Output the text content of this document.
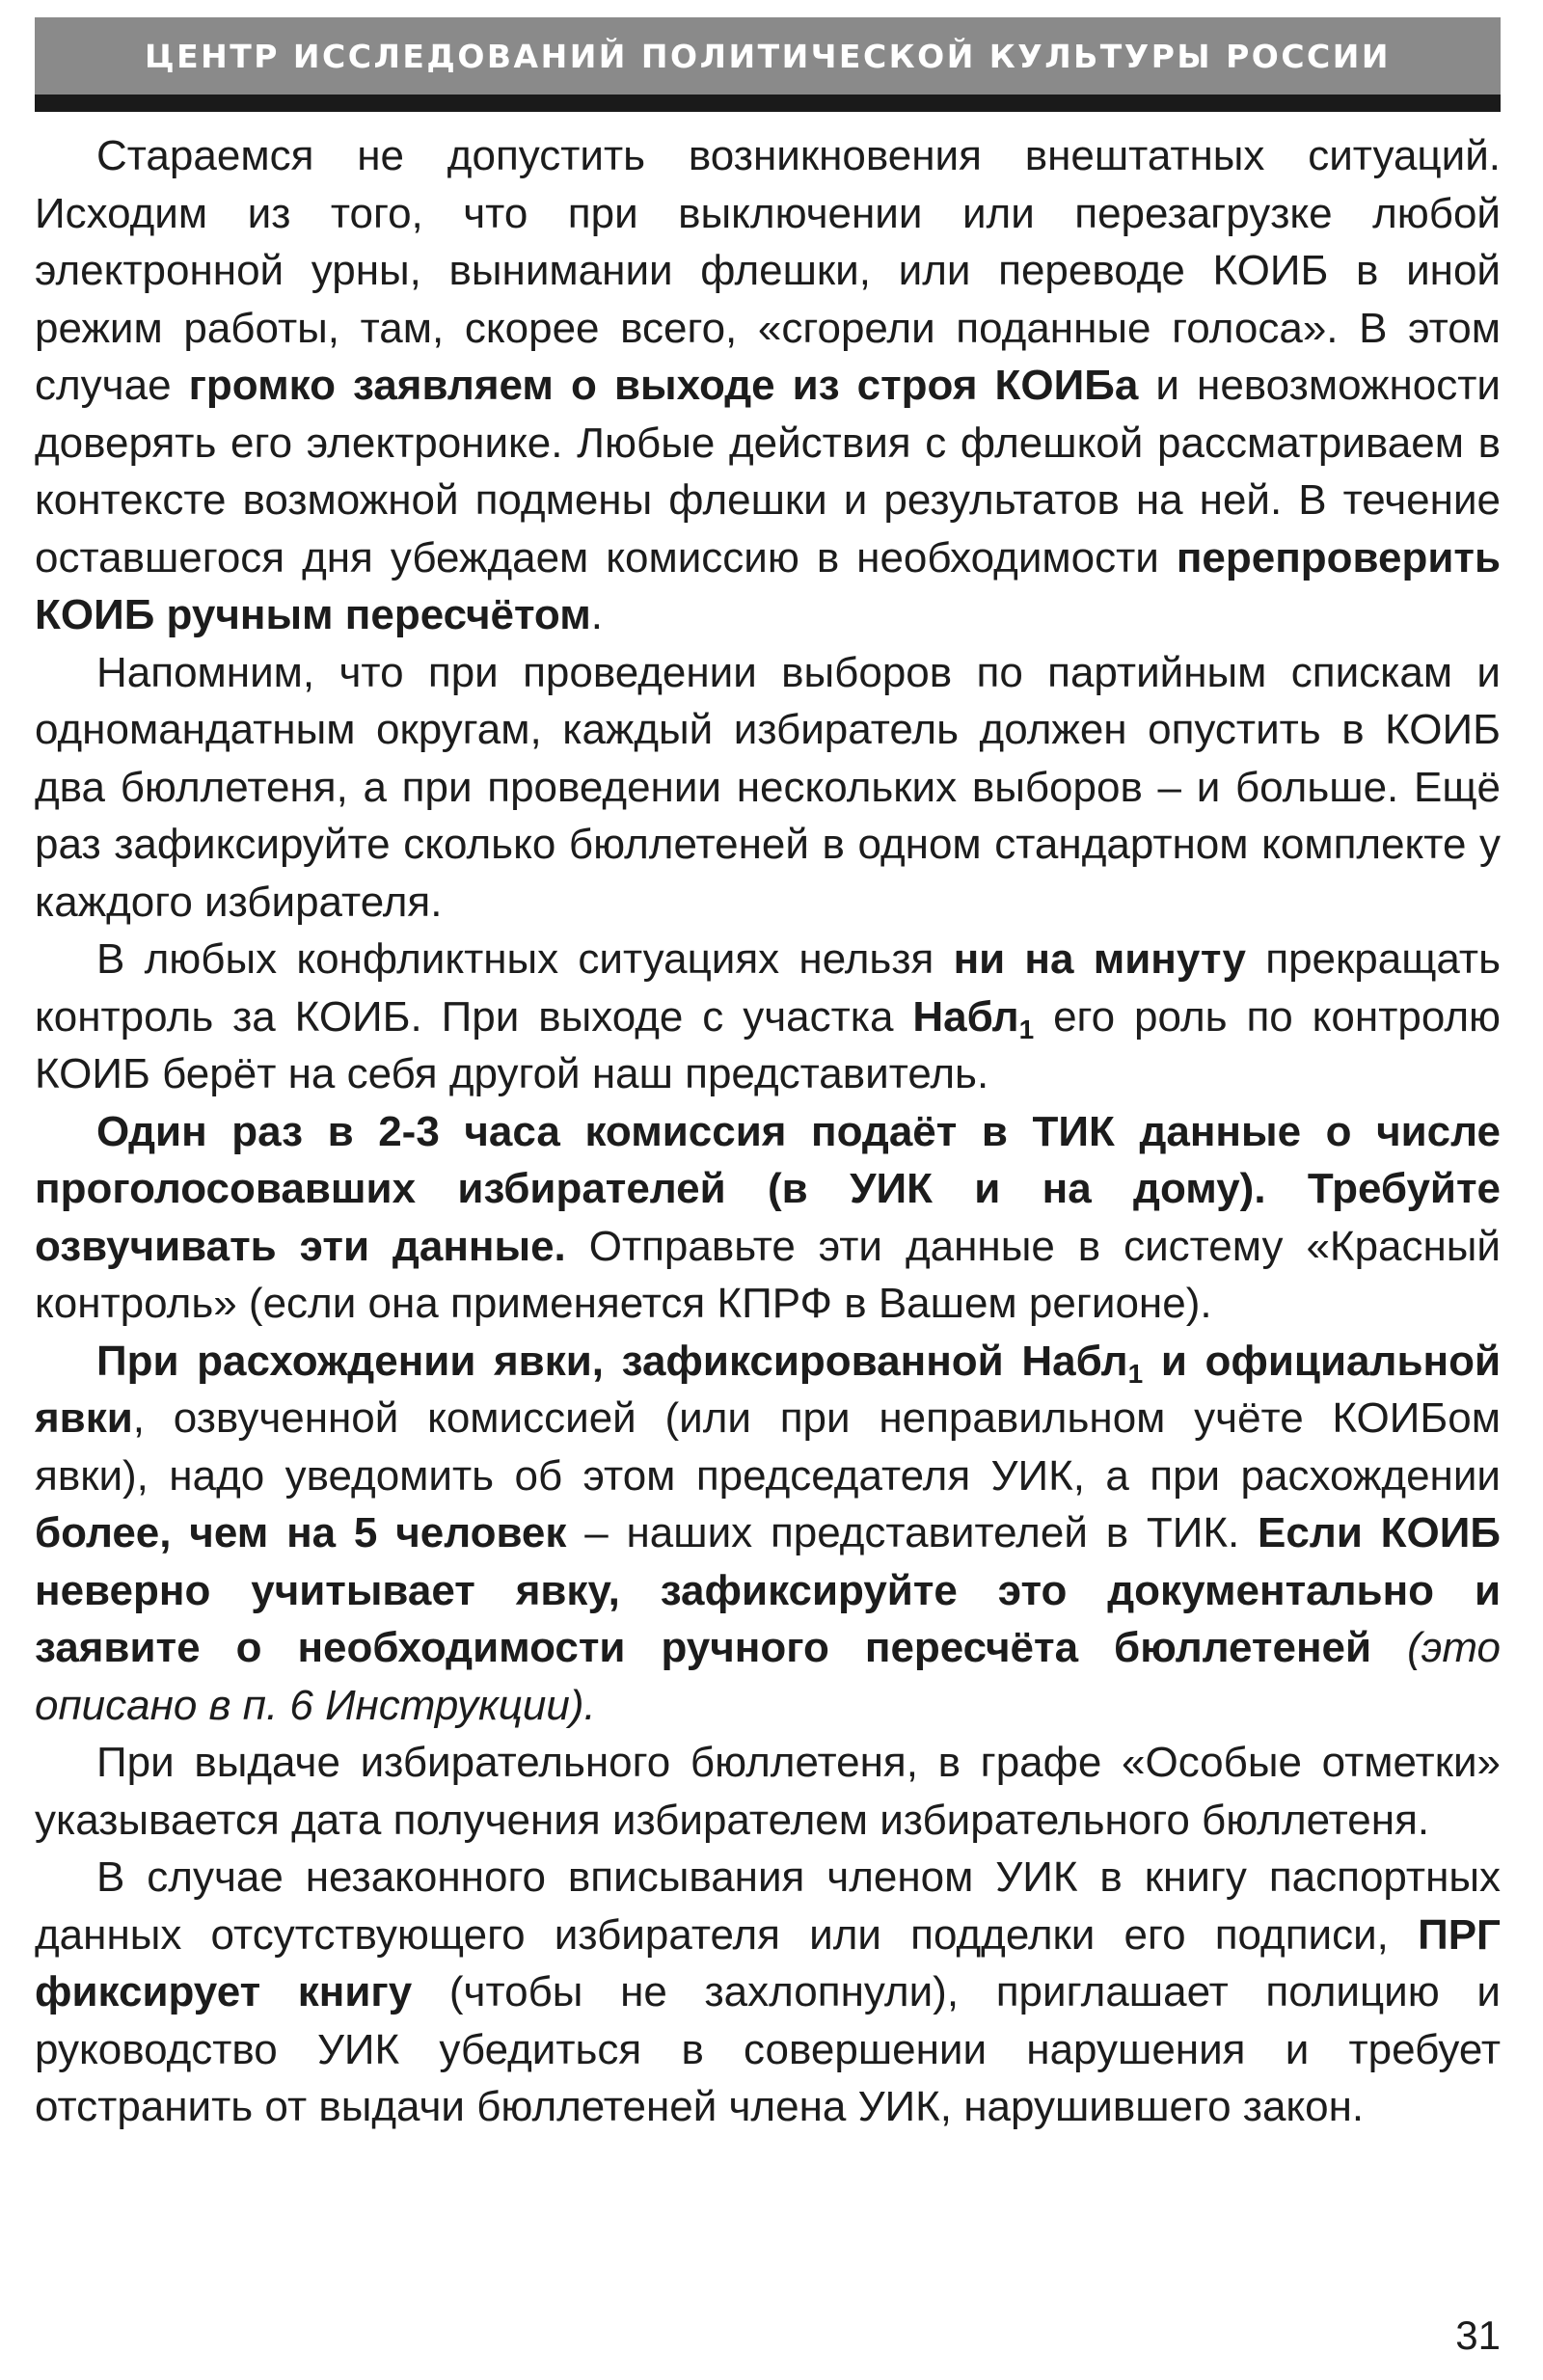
ЦЕНТР ИССЛЕДОВАНИЙ ПОЛИТИЧЕСКОЙ КУЛЬТУРЫ РОССИИ

Стараемся не допустить возникновения внештатных ситуаций. Исходим из того, что при выключении или перезагрузке любой электронной урны, вынимании флешки, или переводе КОИБ в иной режим работы, там, скорее всего, «сгорели поданные голоса». В этом случае громко заявляем о выходе из строя КОИБа и невозможности доверять его электронике. Любые действия с флешкой рассматриваем в контексте возможной подмены флешки и результатов на ней. В течение оставшегося дня убеждаем комиссию в необходимости перепроверить КОИБ ручным пересчётом.

Напомним, что при проведении выборов по партийным спискам и одномандатным округам, каждый избиратель должен опустить в КОИБ два бюллетеня, а при проведении нескольких выборов – и больше. Ещё раз зафиксируйте сколько бюллетеней в одном стандартном комплекте у каждого избирателя.

В любых конфликтных ситуациях нельзя ни на минуту прекращать контроль за КОИБ. При выходе с участка Набл$_1$ его роль по контролю КОИБ берёт на себя другой наш представитель.

Один раз в 2-3 часа комиссия подаёт в ТИК данные о числе проголосовавших избирателей (в УИК и на дому). Требуйте озвучивать эти данные. Отправьте эти данные в систему «Красный контроль» (если она применяется КПРФ в Вашем регионе).

При расхождении явки, зафиксированной Набл$_1$ и официальной явки, озвученной комиссией (или при неправильном учёте КОИБом явки), надо уведомить об этом председателя УИК, а при расхождении более, чем на 5 человек – наших представителей в ТИК. Если КОИБ неверно учитывает явку, зафиксируйте это документально и заявите о необходимости ручного пересчёта бюллетеней (это описано в п. 6 Инструкции).

При выдаче избирательного бюллетеня, в графе «Особые отметки» указывается дата получения избирателем избирательного бюллетеня.

В случае незаконного вписывания членом УИК в книгу паспортных данных отсутствующего избирателя или подделки его подписи, ПРГ фиксирует книгу (чтобы не захлопнули), приглашает полицию и руководство УИК убедиться в совершении нарушения и требует отстранить от выдачи бюллетеней члена УИК, нарушившего закон.

31
